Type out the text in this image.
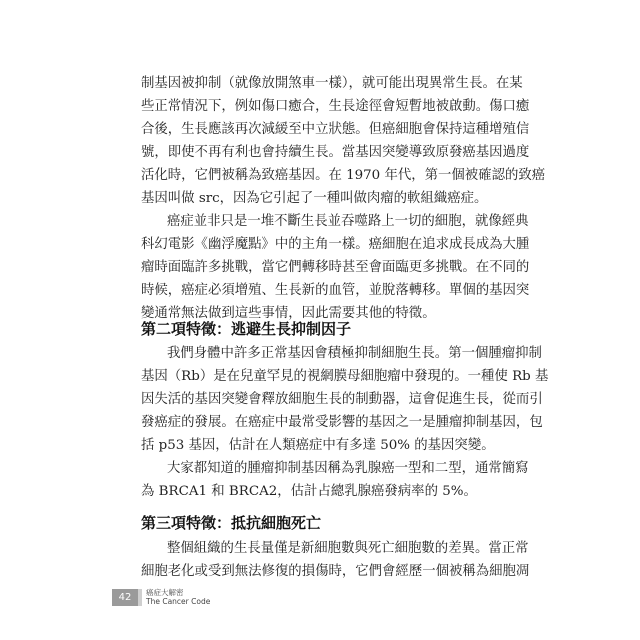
制基因被抑制（就像放開煞車一樣），就可能出現異常生長。在某
些正常情況下，例如傷口癒合，生長途徑會短暫地被啟動。傷口癒
合後，生長應該再次減緩至中立狀態。但癌細胞會保持這種增殖信
號，即使不再有利也會持續生長。當基因突變導致原發癌基因過度
活化時，它們被稱為致癌基因。在 1970 年代，第一個被確認的致癌
基因叫做 src，因為它引起了一種叫做肉瘤的軟組織癌症。
癌症並非只是一堆不斷生長並吞噬路上一切的細胞，就像經典
科幻電影《幽浮魔點》中的主角一樣。癌細胞在追求成長成為大腫
瘤時面臨許多挑戰，當它們轉移時甚至會面臨更多挑戰。在不同的
時候，癌症必須增殖、生長新的血管，並脫落轉移。單個的基因突
變通常無法做到這些事情，因此需要其他的特徵。
第二項特徵：逃避生長抑制因子
我們身體中許多正常基因會積極抑制細胞生長。第一個腫瘤抑制
基因（Rb）是在兒童罕見的視網膜母細胞瘤中發現的。一種使 Rb 基
因失活的基因突變會釋放細胞生長的制動器，這會促進生長，從而引
發癌症的發展。在癌症中最常受影響的基因之一是腫瘤抑制基因，包
括 p53 基因，估計在人類癌症中有多達 50% 的基因突變。
大家都知道的腫瘤抑制基因稱為乳腺癌一型和二型，通常簡寫
為 BRCA1 和 BRCA2，估計占總乳腺癌發病率的 5%。
第三項特徵：抵抗細胞死亡
整個組織的生長量僅是新細胞數與死亡細胞數的差異。當正常
細胞老化或受到無法修復的損傷時，它們會經歷一個被稱為細胞凋
42	癌症大解密
The Cancer Code
